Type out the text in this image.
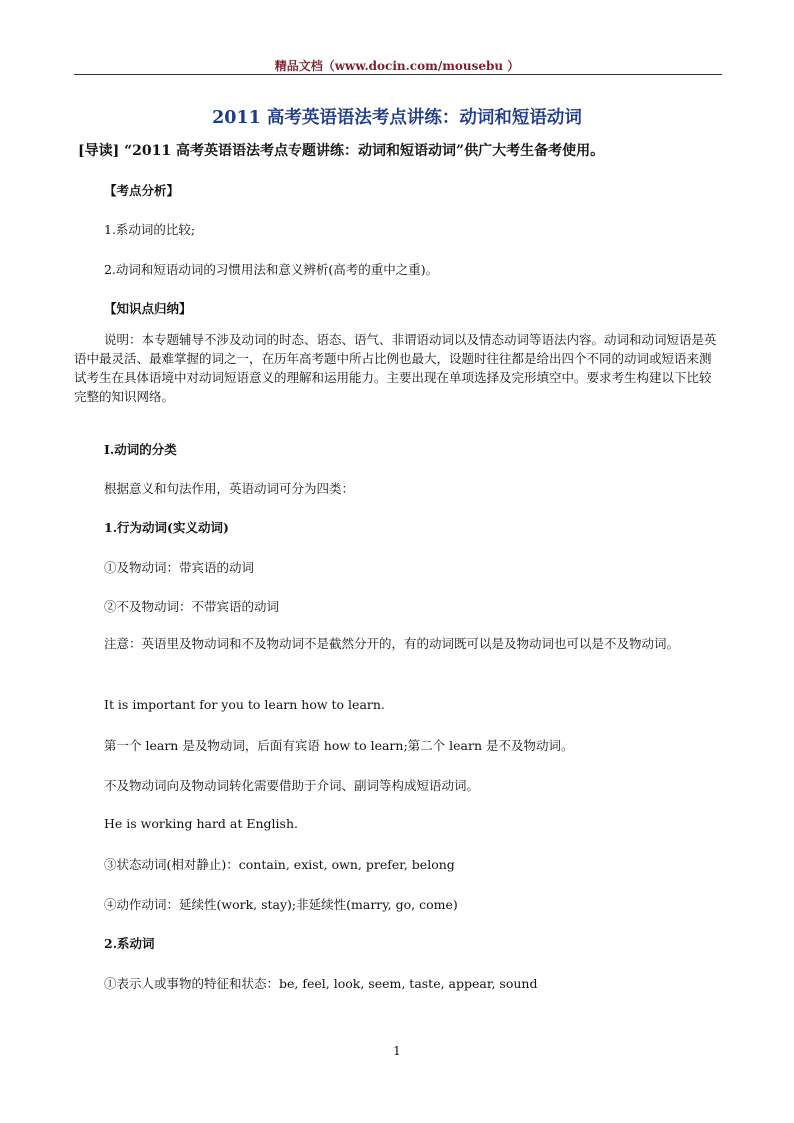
精品文档（www.docin.com/mousebu ）
2011 高考英语语法考点讲练：动词和短语动词
[导读] “2011 高考英语语法考点专题讲练：动词和短语动词”供广大考生备考使用。
【考点分析】
1.系动词的比较;
2.动词和短语动词的习惯用法和意义辨析(高考的重中之重)。
【知识点归纳】
说明：本专题辅导不涉及动词的时态、语态、语气、非谓语动词以及情态动词等语法内容。动词和动词短语是英语中最灵活、最难掌握的词之一，在历年高考题中所占比例也最大，设题时往往都是给出四个不同的动词或短语来测试考生在具体语境中对动词短语意义的理解和运用能力。主要出现在单项选择及完形填空中。要求考生构建以下比较完整的知识网络。
I.动词的分类
根据意义和句法作用，英语动词可分为四类：
1.行为动词(实义动词)
①及物动词：带宾语的动词
②不及物动词：不带宾语的动词
注意：英语里及物动词和不及物动词不是截然分开的，有的动词既可以是及物动词也可以是不及物动词。
It is important for you to learn how to learn.
第一个 learn 是及物动词，后面有宾语 how to learn;第二个 learn 是不及物动词。
不及物动词向及物动词转化需要借助于介词、副词等构成短语动词。
He is working hard at English.
③状态动词(相对静止)：contain, exist, own, prefer, belong
④动作动词：延续性(work, stay);非延续性(marry, go, come)
2.系动词
①表示人或事物的特征和状态：be, feel, look, seem, taste, appear, sound
1
